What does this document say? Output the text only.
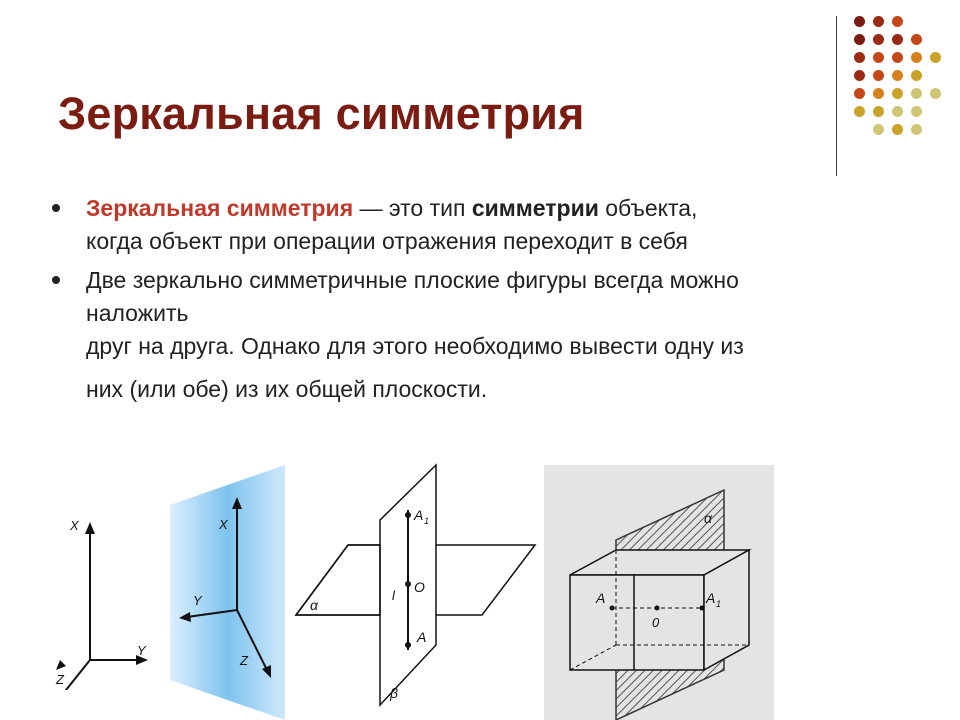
Зеркальная симметрия
Зеркальная симметрия — это тип симметрии объекта,
когда объект при операции отражения переходит в себя
Две зеркально симметричные плоские фигуры всегда можно
наложить
друг на друга. Однако для этого необходимо вывести одну из
них (или обе) из их общей плоскости.
X
Y
Z
X
Y
Z
A 1
O
l
A
α
β
A
0
A 1
α
